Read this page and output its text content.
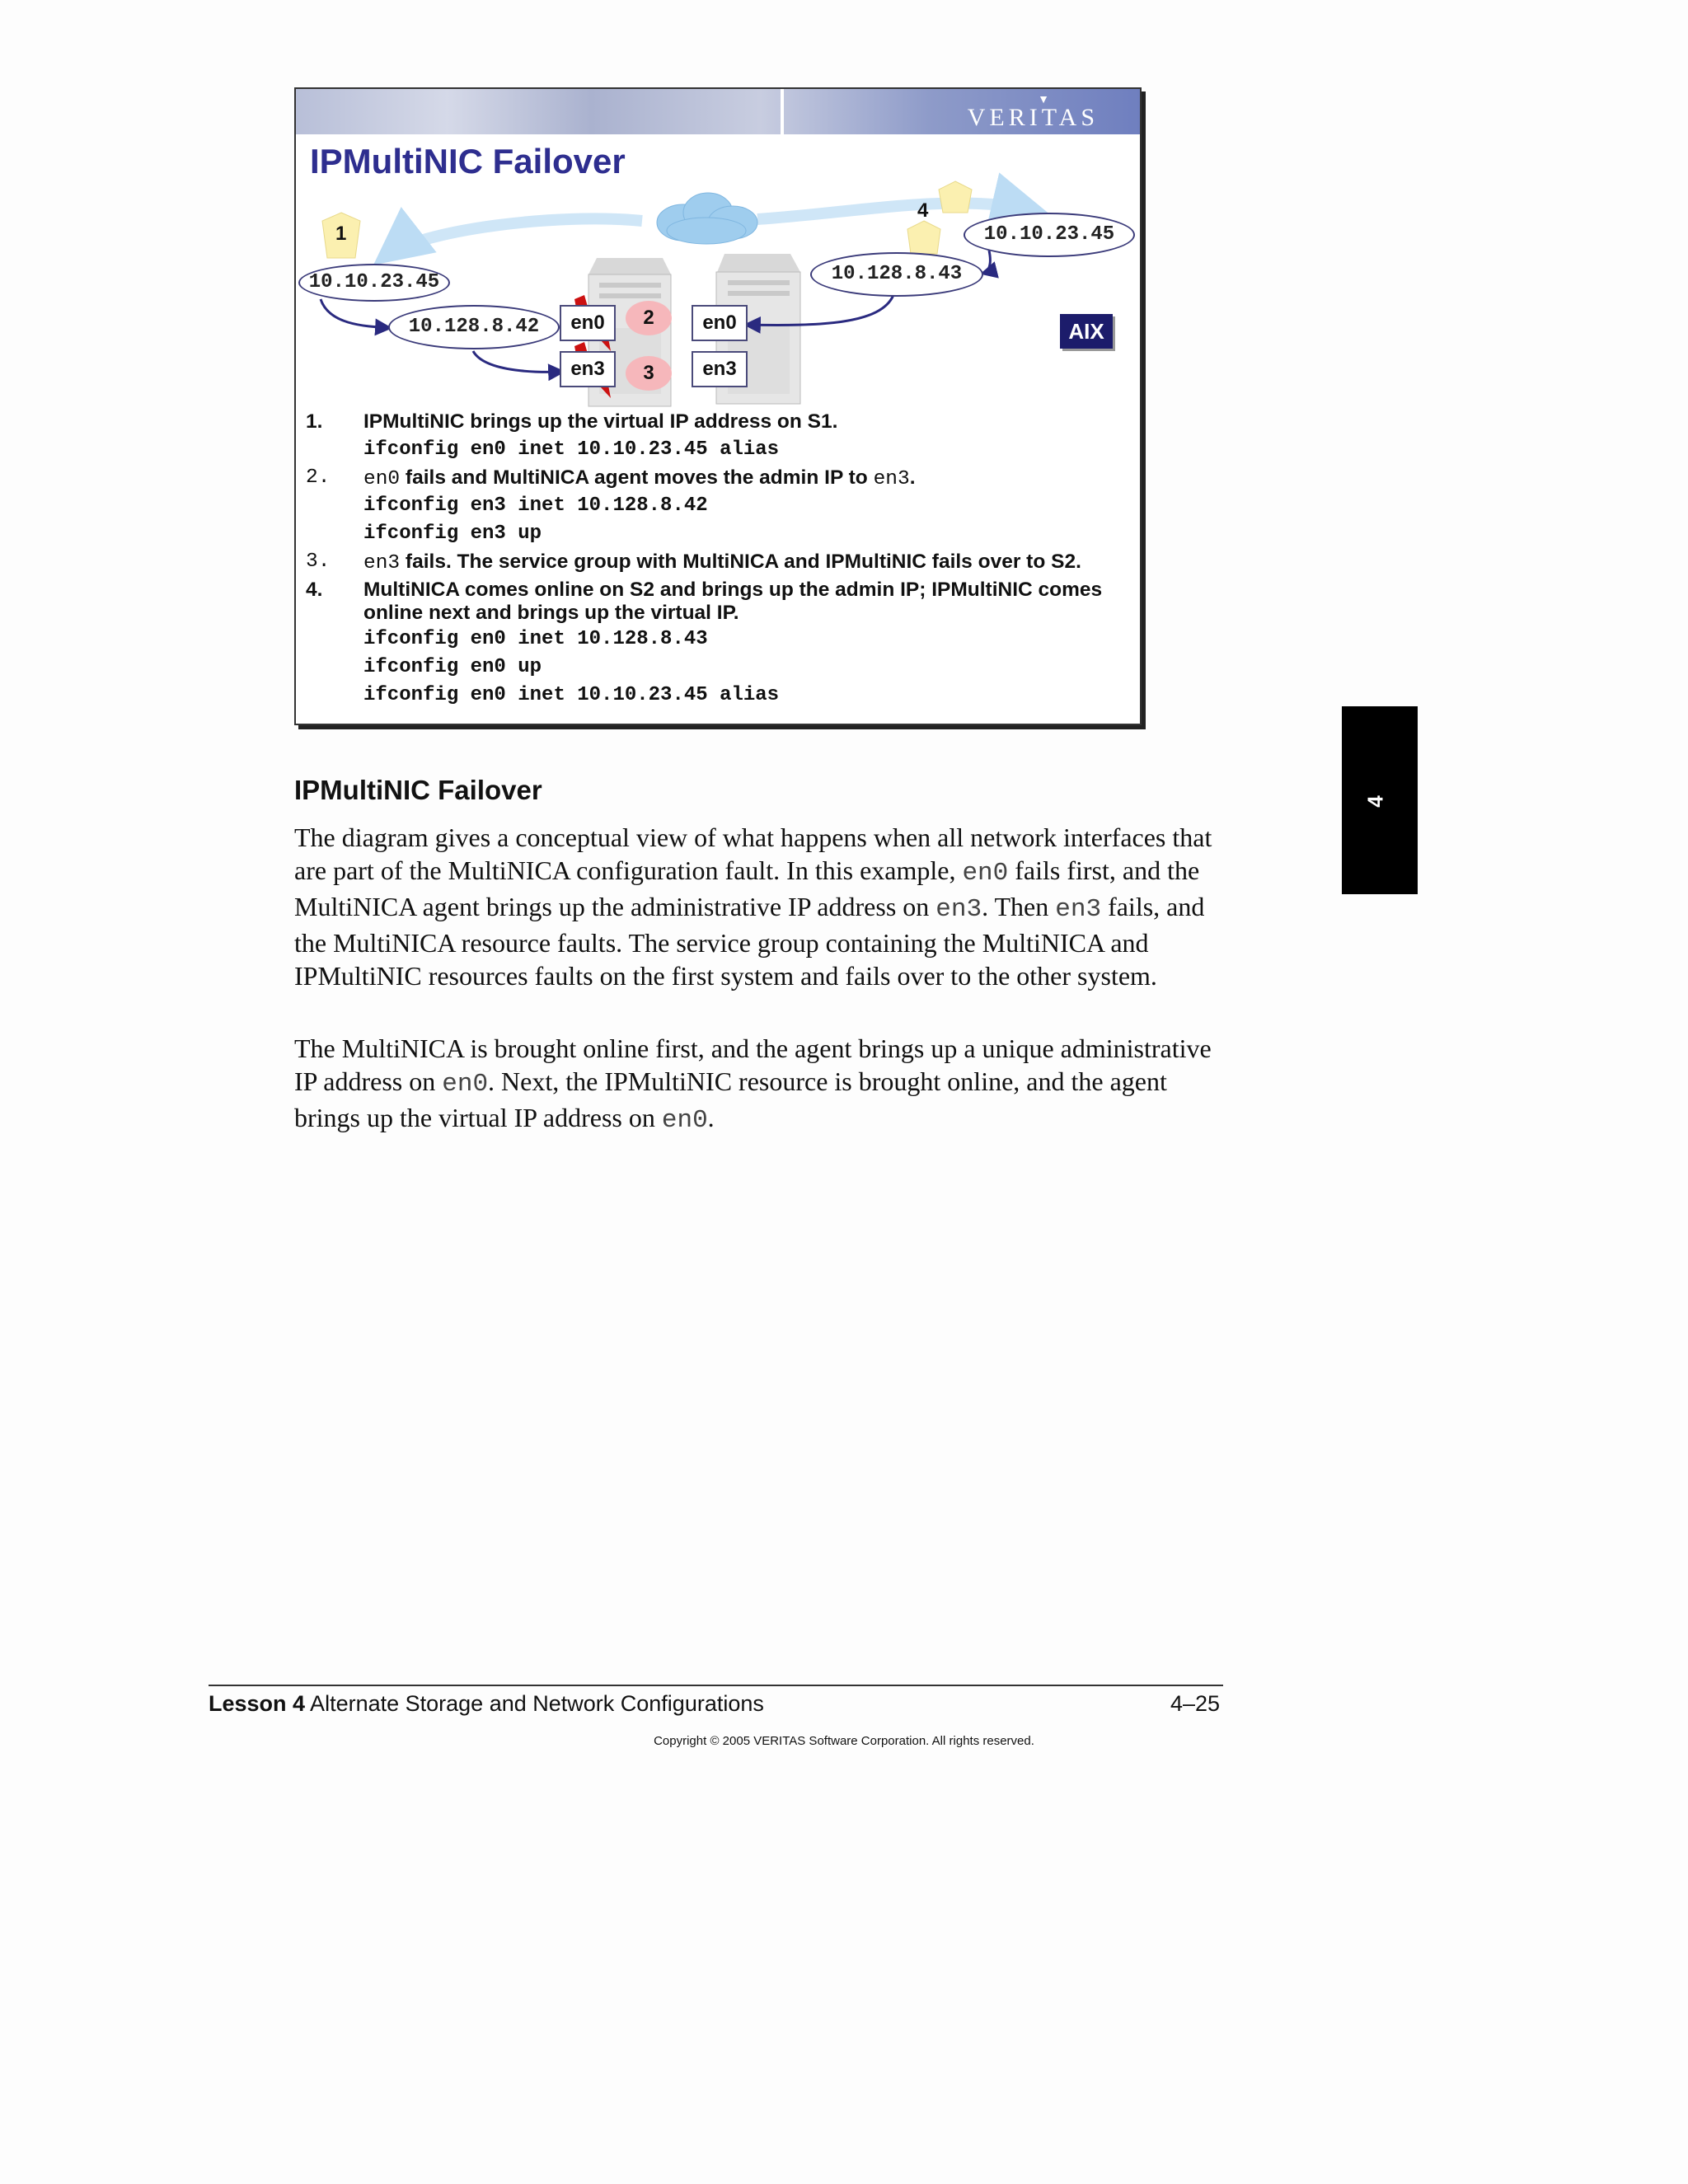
▼
VERITAS
IPMultiNIC Failover
1
4
10.10.23.45
10.128.8.42
10.128.8.43
10.10.23.45
en0
en3
en0
en3
2
3
AIX
1.	IPMultiNIC brings up the virtual IP address on S1.
ifconfig en0 inet 10.10.23.45 alias
2.	en0 fails and MultiNICA agent moves the admin IP to en3.
ifconfig en3 inet 10.128.8.42
ifconfig en3 up
3.	en3 fails. The service group with MultiNICA and IPMultiNIC fails over to S2.
4.	MultiNICA comes online on S2 and brings up the admin IP; IPMultiNIC comes online next and brings up the virtual IP.
ifconfig en0 inet 10.128.8.43
ifconfig en0 up
ifconfig en0 inet 10.10.23.45 alias
4
IPMultiNIC Failover
The diagram gives a conceptual view of what happens when all network interfaces that are part of the MultiNICA configuration fault. In this example, en0 fails first, and the MultiNICA agent brings up the administrative IP address on en3. Then en3 fails, and the MultiNICA resource faults. The service group containing the MultiNICA and IPMultiNIC resources faults on the first system and fails over to the other system.
The MultiNICA is brought online first, and the agent brings up a unique administrative IP address on en0. Next, the IPMultiNIC resource is brought online, and the agent brings up the virtual IP address on en0.
Lesson 4 Alternate Storage and Network Configurations	4–25
Copyright © 2005 VERITAS Software Corporation. All rights reserved.
